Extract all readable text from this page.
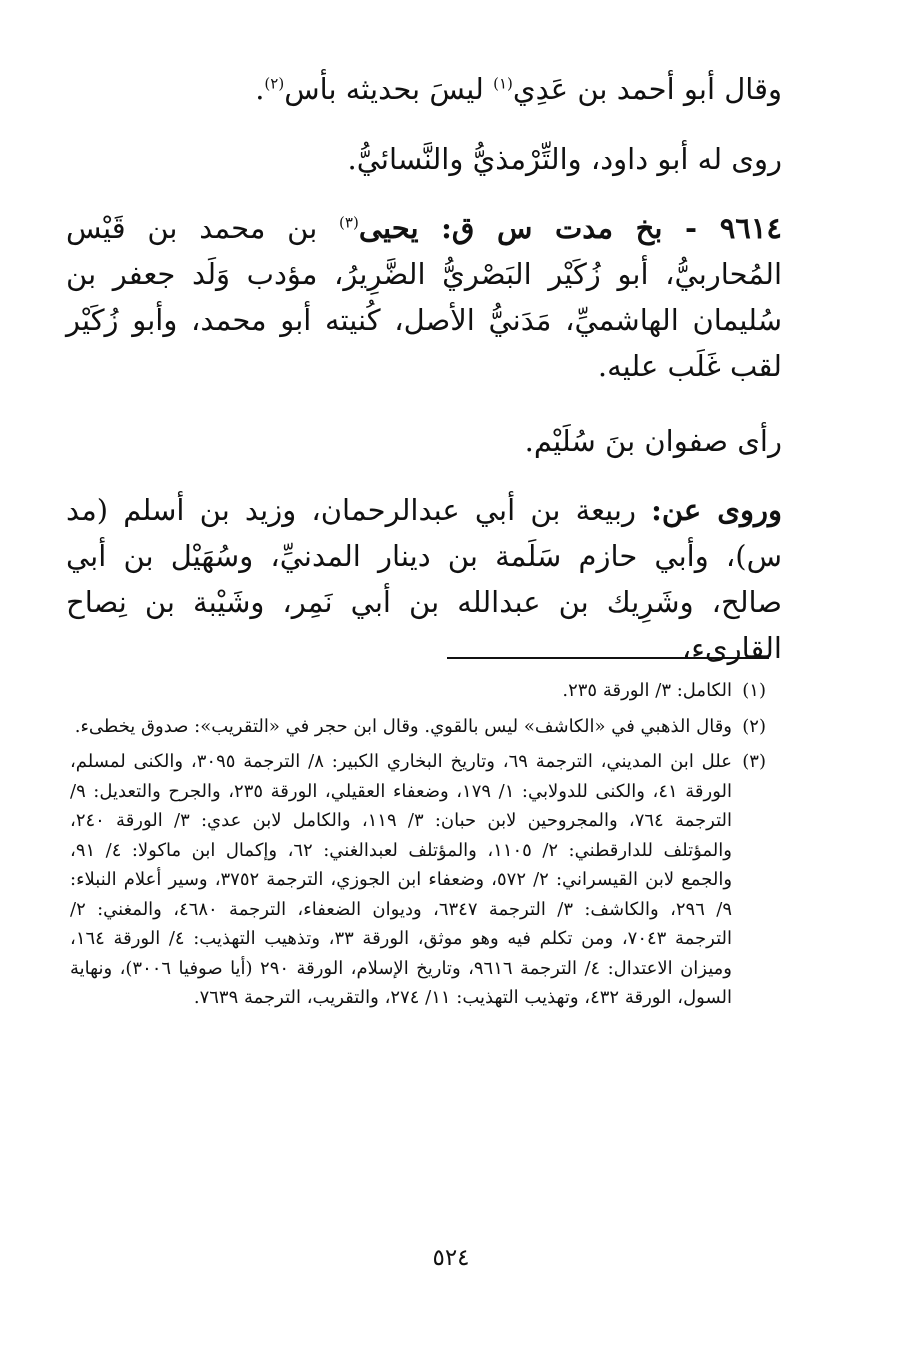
وقال أبو أحمد بن عَدِي$^{(١)}$ ليسَ بحديثه بأس$^{(٢)}$.

روى له أبو داود، والتِّرْمذيُّ والنَّسائيُّ.

٩٦١٤ - بخ مدت س ق: يحيى$^{(٣)}$ بن محمد بن قَيْس المُحاربيُّ، أبو زُكَيْر البَصْريُّ الضَّرِيرُ، مؤدب وَلَد جعفر بن سُليمان الهاشميِّ، مَدَنيُّ الأصل، كُنيته أبو محمد، وأبو زُكَيْر لقب غَلَب عليه.

رأى صفوان بنَ سُلَيْم.

وروى عن: ربيعة بن أبي عبدالرحمان، وزيد بن أسلم (مد س)، وأبي حازم سَلَمة بن دينار المدنيِّ، وسُهَيْل بن أبي صالح، وشَرِيك بن عبدالله بن أبي نَمِر، وشَيْبة بن نِصاح القارىء،

(١)
الكامل: ٣/ الورقة ٢٣٥.
(٢)
وقال الذهبي في «الكاشف» ليس بالقوي. وقال ابن حجر في «التقريب»: صدوق يخطىء.
(٣)
علل ابن المديني، الترجمة ٦٩، وتاريخ البخاري الكبير: ٨/ الترجمة ٣٠٩٥، والكنى لمسلم، الورقة ٤١، والكنى للدولابي: ١/ ١٧٩، وضعفاء العقيلي، الورقة ٢٣٥، والجرح والتعديل: ٩/ الترجمة ٧٦٤، والمجروحين لابن حبان: ٣/ ١١٩، والكامل لابن عدي: ٣/ الورقة ٢٤٠، والمؤتلف للدارقطني: ٢/ ١١٠٥، والمؤتلف لعبدالغني: ٦٢، وإكمال ابن ماكولا: ٤/ ٩١، والجمع لابن القيسراني: ٢/ ٥٧٢، وضعفاء ابن الجوزي، الترجمة ٣٧٥٢، وسير أعلام النبلاء: ٩/ ٢٩٦، والكاشف: ٣/ الترجمة ٦٣٤٧، وديوان الضعفاء، الترجمة ٤٦٨٠، والمغني: ٢/ الترجمة ٧٠٤٣، ومن تكلم فيه وهو موثق، الورقة ٣٣، وتذهيب التهذيب: ٤/ الورقة ١٦٤، وميزان الاعتدال: ٤/ الترجمة ٩٦١٦، وتاريخ الإسلام، الورقة ٢٩٠ (أيا صوفيا ٣٠٠٦)، ونهاية السول، الورقة ٤٣٢، وتهذيب التهذيب: ١١/ ٢٧٤، والتقريب، الترجمة ٧٦٣٩.
٥٢٤
